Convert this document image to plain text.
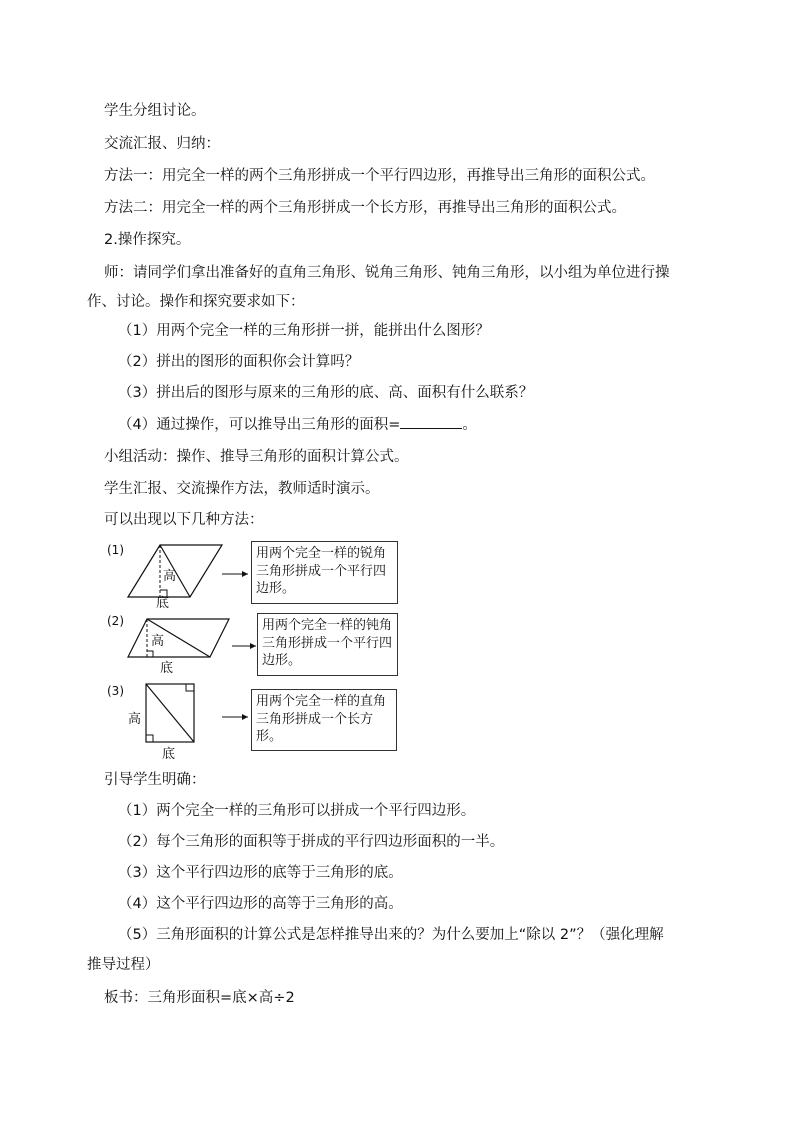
学生分组讨论。
交流汇报、归纳：
方法一：用完全一样的两个三角形拼成一个平行四边形，再推导出三角形的面积公式。
方法二：用完全一样的两个三角形拼成一个长方形，再推导出三角形的面积公式。
2.操作探究。
师：请同学们拿出准备好的直角三角形、锐角三角形、钝角三角形，以小组为单位进行操
作、讨论。操作和探究要求如下：
（1）用两个完全一样的三角形拼一拼，能拼出什么图形？
（2）拼出的图形的面积你会计算吗？
（3）拼出后的图形与原来的三角形的底、高、面积有什么联系？
（4）通过操作，可以推导出三角形的面积=	。
小组活动：操作、推导三角形的面积计算公式。
学生汇报、交流操作方法，教师适时演示。
可以出现以下几种方法：
(1)
高
底
用两个完全一样的锐角三角形拼成一个平行四边形。
(2)
高
底
用两个完全一样的钝角三角形拼成一个平行四边形。
(3)
高
底
用两个完全一样的直角三角形拼成一个长方形。
引导学生明确：
（1）两个完全一样的三角形可以拼成一个平行四边形。
（2）每个三角形的面积等于拼成的平行四边形面积的一半。
（3）这个平行四边形的底等于三角形的底。
（4）这个平行四边形的高等于三角形的高。
（5）三角形面积的计算公式是怎样推导出来的？为什么要加上“除以 2”？（强化理解
推导过程）
板书：三角形面积=底×高÷2
